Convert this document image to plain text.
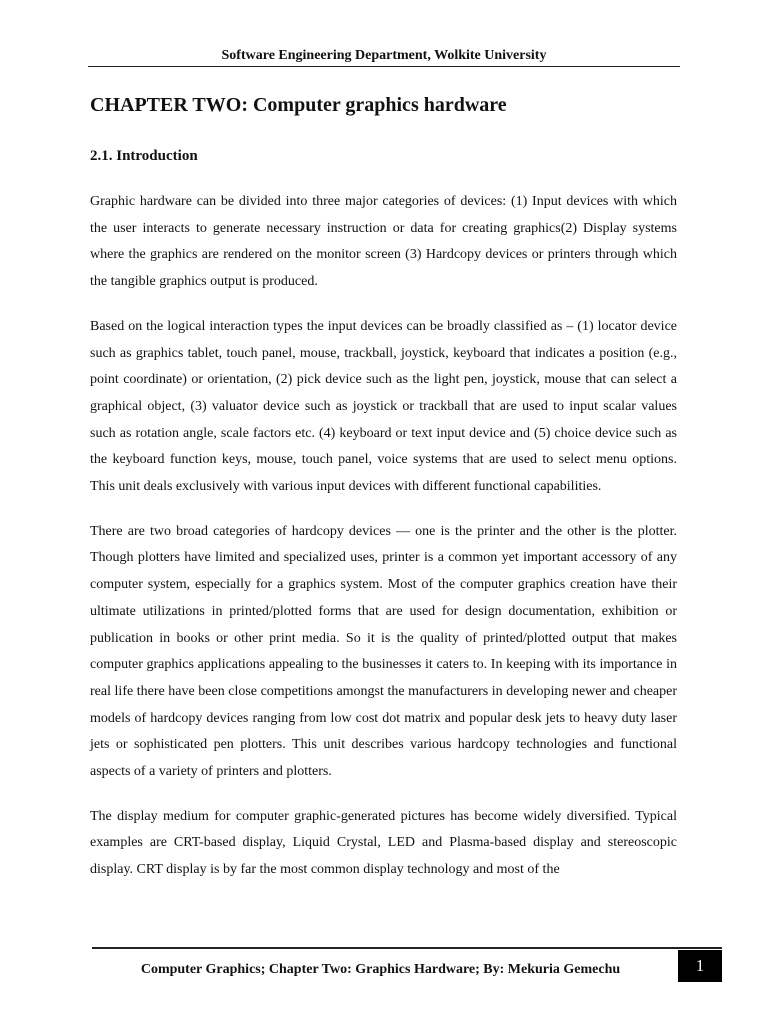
Software Engineering Department, Wolkite University
CHAPTER TWO: Computer graphics hardware
2.1. Introduction

Graphic hardware can be divided into three major categories of devices: (1) Input devices with which the user interacts to generate necessary instruction or data for creating graphics(2) Display systems where the graphics are rendered on the monitor screen (3) Hardcopy devices or printers through which the tangible graphics output is produced.

Based on the logical interaction types the input devices can be broadly classified as – (1) locator device such as graphics tablet, touch panel, mouse, trackball, joystick, keyboard that indicates a position (e.g., point coordinate) or orientation, (2) pick device such as the light pen, joystick, mouse that can select a graphical object, (3) valuator device such as joystick or trackball that are used to input scalar values such as rotation angle, scale factors etc. (4) keyboard or text input device and (5) choice device such as the keyboard function keys, mouse, touch panel, voice systems that are used to select menu options. This unit deals exclusively with various input devices with different functional capabilities.

There are two broad categories of hardcopy devices — one is the printer and the other is the plotter. Though plotters have limited and specialized uses, printer is a common yet important accessory of any computer system, especially for a graphics system. Most of the computer graphics creation have their ultimate utilizations in printed/plotted forms that are used for design documentation, exhibition or publication in books or other print media. So it is the quality of printed/plotted output that makes computer graphics applications appealing to the businesses it caters to. In keeping with its importance in real life there have been close competitions amongst the manufacturers in developing newer and cheaper models of hardcopy devices ranging from low cost dot matrix and popular desk jets to heavy duty laser jets or sophisticated pen plotters. This unit describes various hardcopy technologies and functional aspects of a variety of printers and plotters.

The display medium for computer graphic-generated pictures has become widely diversified. Typical examples are CRT-based display, Liquid Crystal, LED and Plasma-based display and stereoscopic display. CRT display is by far the most common display technology and most of the

Computer Graphics; Chapter Two: Graphics Hardware; By: Mekuria Gemechu	1
